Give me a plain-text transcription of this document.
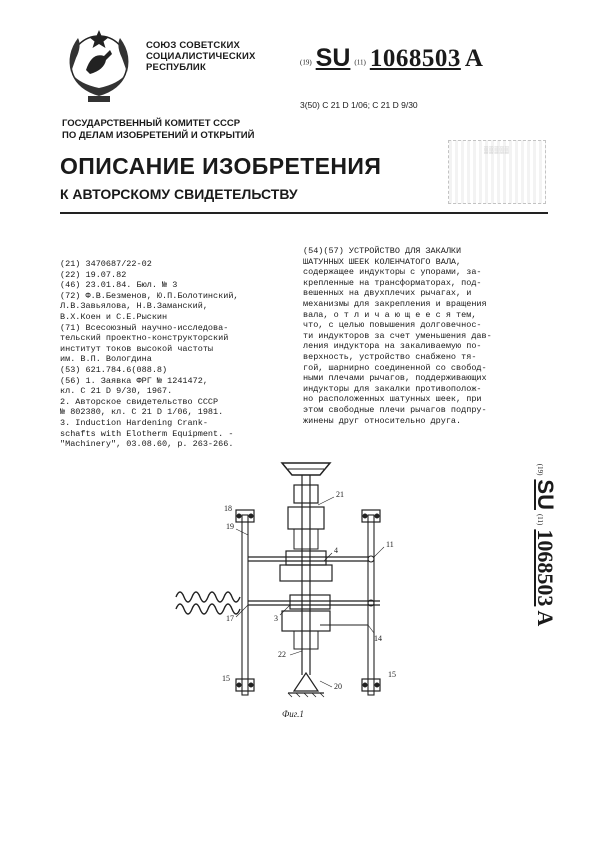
СОЮЗ СОВЕТСКИХ
СОЦИАЛИСТИЧЕСКИХ
РЕСПУБЛИК	(19) SU (11) 1068503 A
3(50) С 21 D 1/06; С 21 D 9/30
ГОСУДАРСТВЕННЫЙ КОМИТЕТ СССР
ПО ДЕЛАМ ИЗОБРЕТЕНИЙ И ОТКРЫТИЙ
▒▒▒▒▒
ОПИСАНИЕ ИЗОБРЕТЕНИЯ
К АВТОРСКОМУ СВИДЕТЕЛЬСТВУ
(21) 3470687/22-02
(22) 19.07.82
(46) 23.01.84. Бюл. № 3
(72) Ф.В.Безменов, Ю.П.Болотинский,
Л.В.Завьялова, Н.В.Заманский,
В.Х.Коен и С.Е.Рыскин
(71) Всесоюзный научно-исследова-
тельский проектно-конструкторский
институт токов высокой частоты
им. В.П. Вологдина
(53) 621.784.6(088.8)
(56) 1. Заявка ФРГ № 1241472,
кл. С 21 D 9/30, 1967.
2. Авторское свидетельство СССР
№ 802380, кл. С 21 D 1/06, 1981.
3. Induction Hardening Crank-
schafts with Elotherm Equipment. -
"Machinery", 03.08.60, р. 263-266.
(54)(57) УСТРОЙСТВО ДЛЯ ЗАКАЛКИ
ШАТУННЫХ ШЕЕК КОЛЕНЧАТОГО ВАЛА,
содержащее индукторы с упорами, за-
крепленные на трансформаторах, под-
вешенных на двухплечих рычагах, и
механизмы для закрепления и вращения
вала, о т л и ч а ю щ е е с я тем,
что, с целью повышения долговечнос-
ти индукторов за счет уменьшения дав-
ления индуктора на закаливаемую по-
верхность, устройство снабжено тя-
гой, шарнирно соединенной со свобод-
ными плечами рычагов, поддерживающих
индукторы для закалки противополож-
но расположенных шатунных шеек, при
этом свободные плечи рычагов подпру-
жинены друг относительно друга.
(19) SU (11) 1068503 A
21
18
19
4
17
11
3
14
22
15
20
15
Фиг.1
